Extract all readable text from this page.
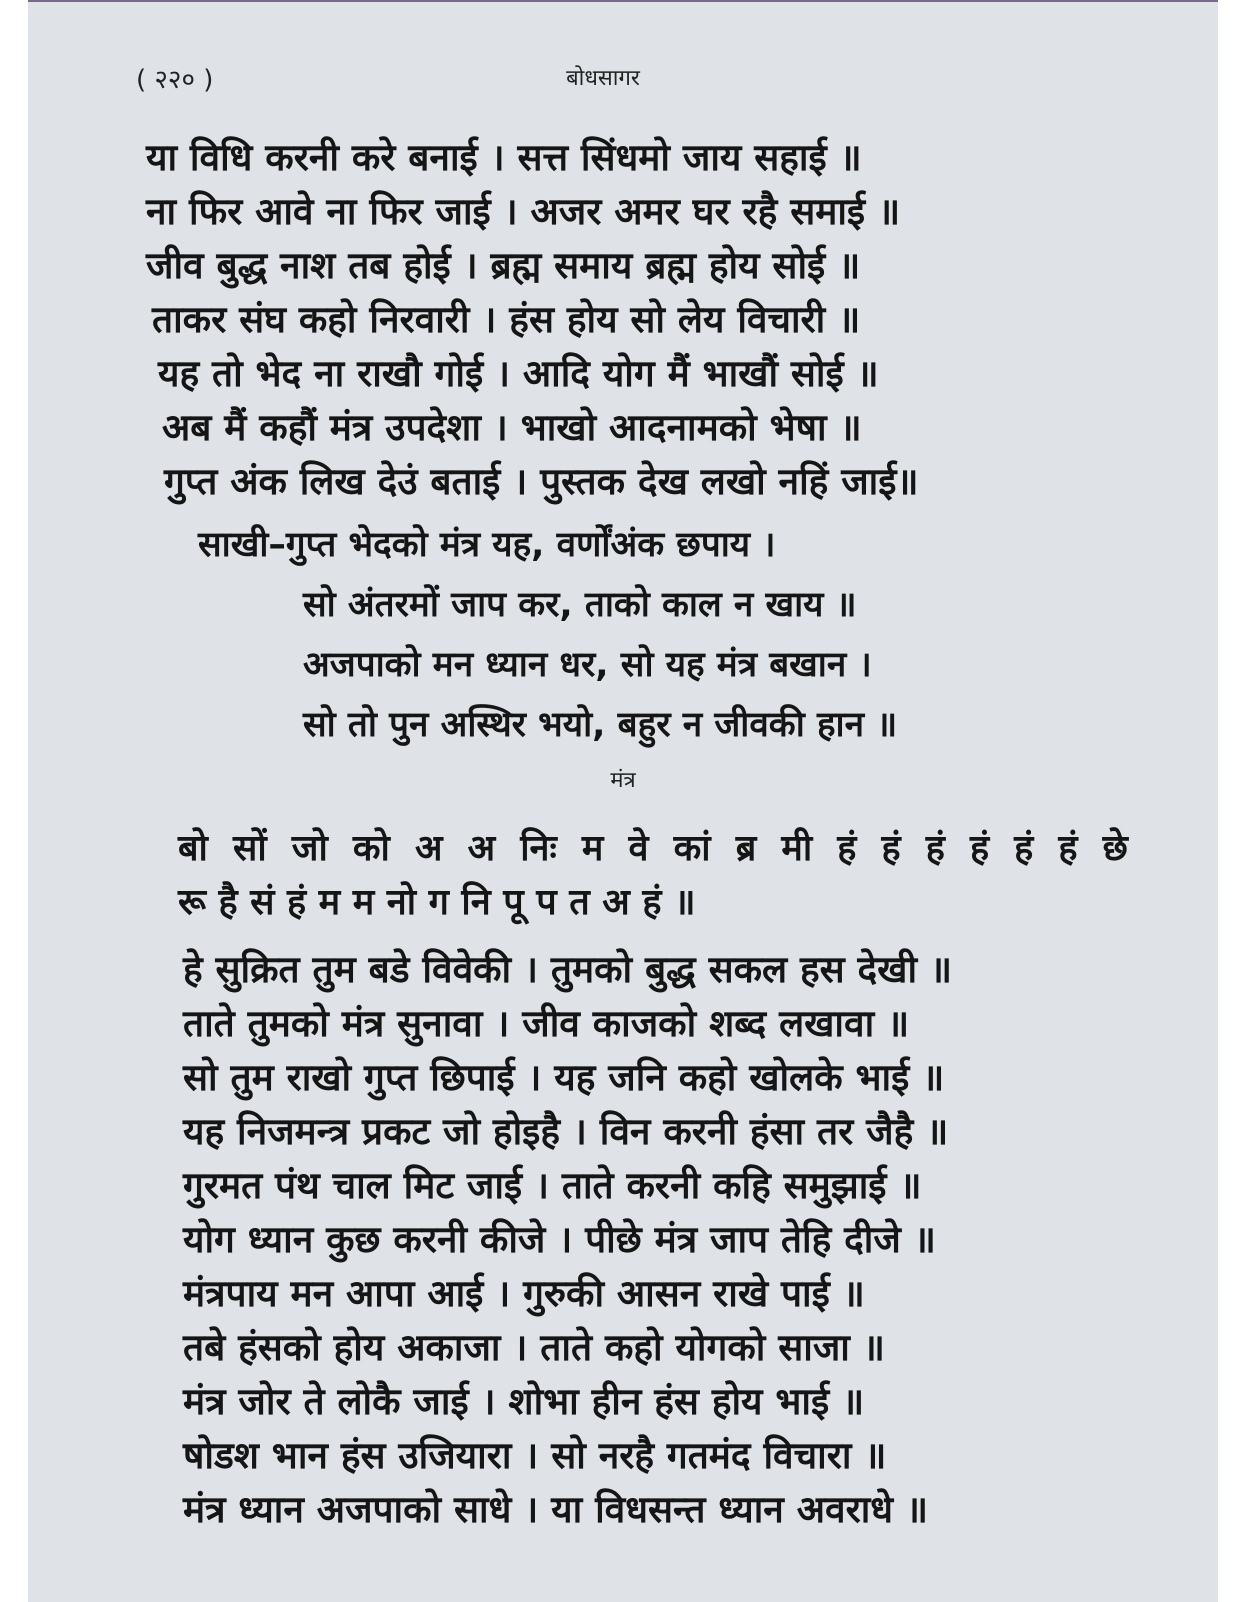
( २२० )	बोधसागर
या विधि करनी करे बनाई । सत्त सिंधमो जाय सहाई ॥
ना फिर आवे ना फिर जाई । अजर अमर घर रहै समाई ॥
जीव बुद्ध नाश तब होई । ब्रह्म समाय ब्रह्म होय सोई ॥
ताकर संघ कहो निरवारी । हंस होय सो लेय विचारी ॥
यह तो भेद ना राखौ गोई । आदि योग मैं भाखौं सोई ॥
अब मैं कहौं मंत्र उपदेशा । भाखो आदनामको भेषा ॥
गुप्त अंक लिख देउं बताई । पुस्तक देख लखो नहिं जाई॥
साखी–गुप्त भेदको मंत्र यह, वर्णोंअंक छपाय ।
सो अंतरमों जाप कर, ताको काल न खाय ॥
अजपाको मन ध्यान धर, सो यह मंत्र बखान ।
सो तो पुन अस्थिर भयो, बहुर न जीवकी हान ॥
मंत्र
बो सों जो को अ अ निः म वे कां ब्र मी हं हं हं हं हं हं छे
रू है सं हं म म नो ग नि पू प त अ हं ॥
हे सुक्रित तुम बडे विवेकी । तुमको बुद्ध सकल हस देखी ॥
ताते तुमको मंत्र सुनावा । जीव काजको शब्द लखावा ॥
सो तुम राखो गुप्त छिपाई । यह जनि कहो खोलके भाई ॥
यह निजमन्त्र प्रकट जो होइहै । विन करनी हंसा तर जैहै ॥
गुरमत पंथ चाल मिट जाई । ताते करनी कहि समुझाई ॥
योग ध्यान कुछ करनी कीजे । पीछे मंत्र जाप तेहि दीजे ॥
मंत्रपाय मन आपा आई । गुरुकी आसन राखे पाई ॥
तबे हंसको होय अकाजा । ताते कहो योगको साजा ॥
मंत्र जोर ते लोकै जाई । शोभा हीन हंस होय भाई ॥
षोडश भान हंस उजियारा । सो नरहै गतमंद विचारा ॥
मंत्र ध्यान अजपाको साधे । या विधसन्त ध्यान अवराधे ॥
